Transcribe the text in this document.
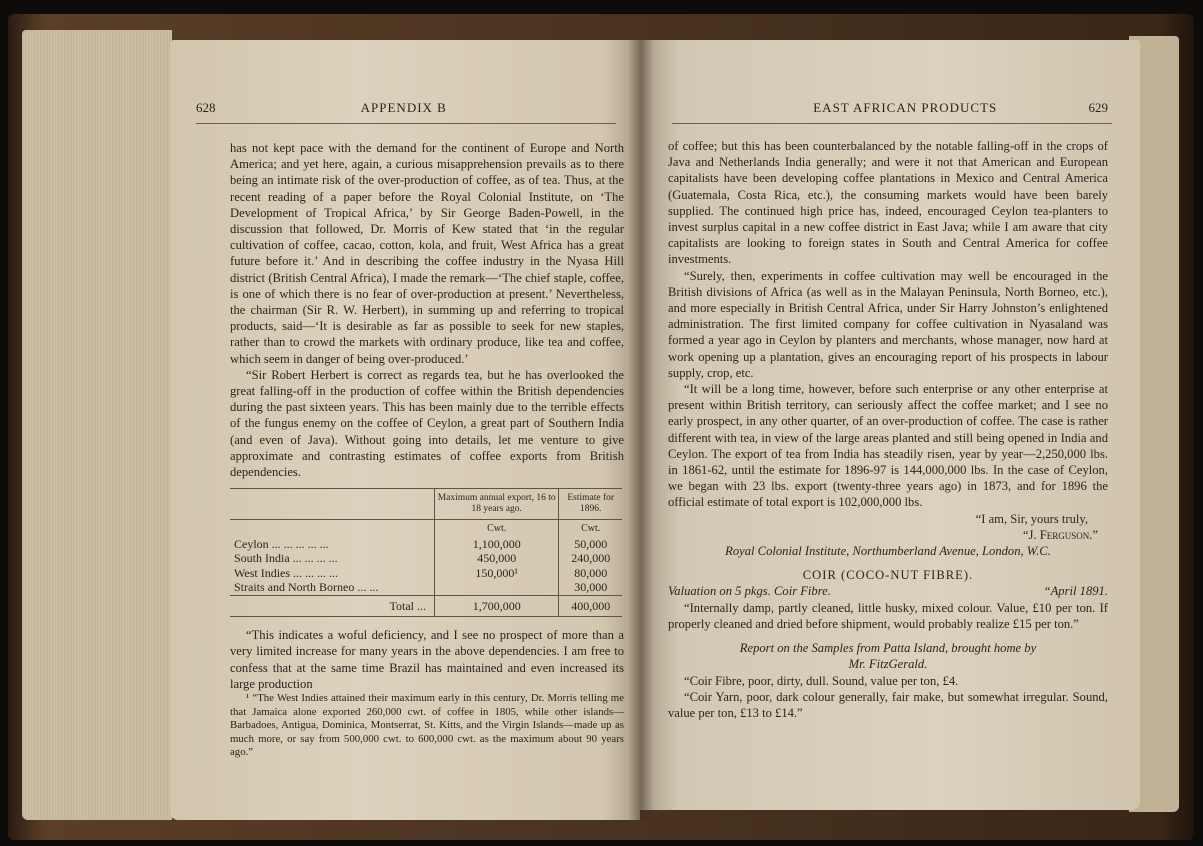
628	APPENDIX B

has not kept pace with the demand for the continent of Europe and North America; and yet here, again, a curious misapprehension prevails as to there being an intimate risk of the over-production of coffee, as of tea. Thus, at the recent reading of a paper before the Royal Colonial Institute, on ‘The Development of Tropical Africa,’ by Sir George Baden-Powell, in the discussion that followed, Dr. Morris of Kew stated that ‘in the regular cultivation of coffee, cacao, cotton, kola, and fruit, West Africa has a great future before it.’ And in describing the coffee industry in the Nyasa Hill district (British Central Africa), I made the remark—‘The chief staple, coffee, is one of which there is no fear of over-production at present.’ Nevertheless, the chairman (Sir R. W. Herbert), in summing up and referring to tropical products, said—‘It is desirable as far as possible to seek for new staples, rather than to crowd the markets with ordinary produce, like tea and coffee, which seem in danger of being over-produced.’

“Sir Robert Herbert is correct as regards tea, but he has overlooked the great falling-off in the production of coffee within the British dependencies during the past sixteen years. This has been mainly due to the terrible effects of the fungus enemy on the coffee of Ceylon, a great part of Southern India (and even of Java). Without going into details, let me venture to give approximate and contrasting estimates of coffee exports from British dependencies.

	Maximum annual export, 16 to 18 years ago.	Estimate for 1896.
	Cwt.	Cwt.
Ceylon ... ... ... ... ...	1,100,000	50,000
South India ... ... ... ...	450,000	240,000
West Indies ... ... ... ...	150,000¹	80,000
Straits and North Borneo ... ...		30,000
Total ...	1,700,000	400,000

“This indicates a woful deficiency, and I see no prospect of more than a very limited increase for many years in the above dependencies. I am free to confess that at the same time Brazil has maintained and even increased its large production

¹ “The West Indies attained their maximum early in this century, Dr. Morris telling me that Jamaica alone exported 260,000 cwt. of coffee in 1805, while other islands—Barbadoes, Antigua, Dominica, Montserrat, St. Kitts, and the Virgin Islands—made up as much more, or say from 500,000 cwt. to 600,000 cwt. as the maximum about 90 years ago.”

EAST AFRICAN PRODUCTS	629

of coffee; but this has been counterbalanced by the notable falling-off in the crops of Java and Netherlands India generally; and were it not that American and European capitalists have been developing coffee plantations in Mexico and Central America (Guatemala, Costa Rica, etc.), the consuming markets would have been barely supplied. The continued high price has, indeed, encouraged Ceylon tea-planters to invest surplus capital in a new coffee district in East Java; while I am aware that city capitalists are looking to foreign states in South and Central America for coffee investments.

“Surely, then, experiments in coffee cultivation may well be encouraged in the British divisions of Africa (as well as in the Malayan Peninsula, North Borneo, etc.), and more especially in British Central Africa, under Sir Harry Johnston’s enlightened administration. The first limited company for coffee cultivation in Nyasaland was formed a year ago in Ceylon by planters and merchants, whose manager, now hard at work opening up a plantation, gives an encouraging report of his prospects in labour supply, crop, etc.

“It will be a long time, however, before such enterprise or any other enterprise at present within British territory, can seriously affect the coffee market; and I see no early prospect, in any other quarter, of an over-production of coffee. The case is rather different with tea, in view of the large areas planted and still being opened in India and Ceylon. The export of tea from India has steadily risen, year by year—2,250,000 lbs. in 1861-62, until the estimate for 1896-97 is 144,000,000 lbs. In the case of Ceylon, we began with 23 lbs. export (twenty-three years ago) in 1873, and for 1896 the official estimate of total export is 102,000,000 lbs.

“I am, Sir, yours truly,

“J. Ferguson.”

Royal Colonial Institute, Northumberland Avenue, London, W.C.

COIR (COCO-NUT FIBRE).

Valuation on 5 pkgs. Coir Fibre.	“April 1891.

“Internally damp, partly cleaned, little husky, mixed colour. Value, £10 per ton. If properly cleaned and dried before shipment, would probably realize £15 per ton.”

Report on the Samples from Patta Island, brought home by
Mr. FitzGerald.

“Coir Fibre, poor, dirty, dull. Sound, value per ton, £4.

“Coir Yarn, poor, dark colour generally, fair make, but somewhat irregular. Sound, value per ton, £13 to £14.”
